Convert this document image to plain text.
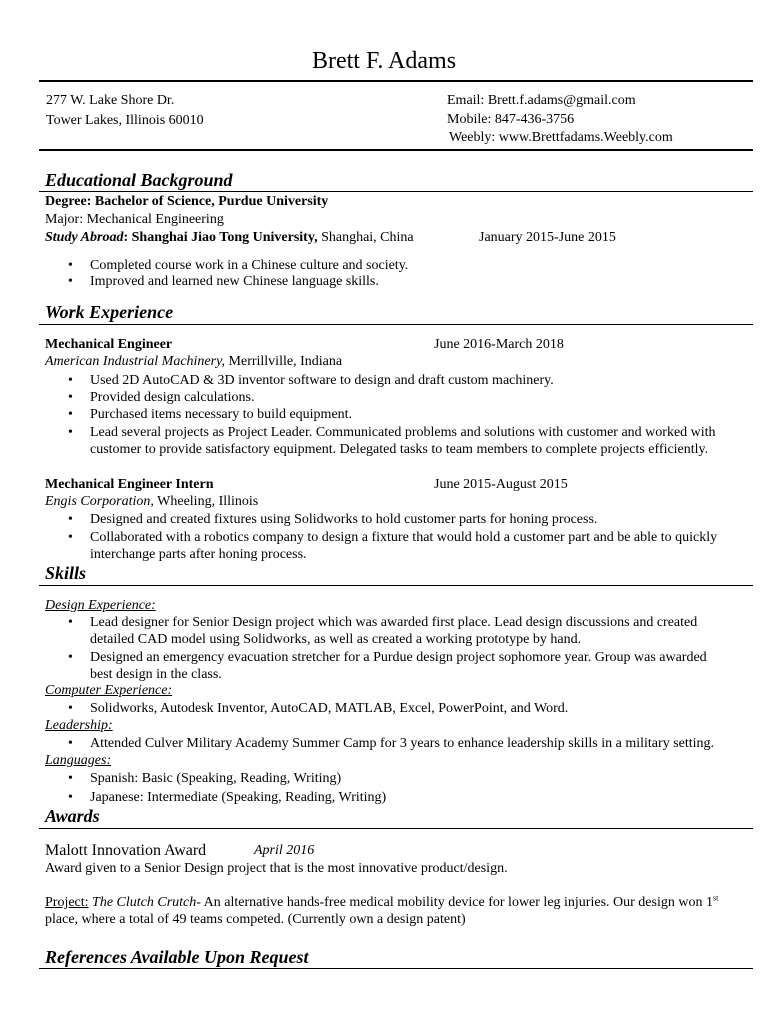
Brett F. Adams
277 W. Lake Shore Dr.
Tower Lakes, Illinois 60010
Email: Brett.f.adams@gmail.com
Mobile: 847-436-3756
Weebly: www.Brettfadams.Weebly.com
Educational Background
Degree: Bachelor of Science, Purdue University
Major: Mechanical Engineering
Study Abroad: Shanghai Jiao Tong University, Shanghai, China	January 2015-June 2015
• Completed course work in a Chinese culture and society.
• Improved and learned new Chinese language skills.
Work Experience
Mechanical Engineer	June 2016-March 2018
American Industrial Machinery, Merrillville, Indiana
• Used 2D AutoCAD & 3D inventor software to design and draft custom machinery.
• Provided design calculations.
• Purchased items necessary to build equipment.
• Lead several projects as Project Leader. Communicated problems and solutions with customer and worked with customer to provide satisfactory equipment. Delegated tasks to team members to complete projects efficiently.
Mechanical Engineer Intern	June 2015-August 2015
Engis Corporation, Wheeling, Illinois
• Designed and created fixtures using Solidworks to hold customer parts for honing process.
• Collaborated with a robotics company to design a fixture that would hold a customer part and be able to quickly interchange parts after honing process.
Skills
Design Experience:
• Lead designer for Senior Design project which was awarded first place. Lead design discussions and created detailed CAD model using Solidworks, as well as created a working prototype by hand.
• Designed an emergency evacuation stretcher for a Purdue design project sophomore year. Group was awarded best design in the class.
Computer Experience:
• Solidworks, Autodesk Inventor, AutoCAD, MATLAB, Excel, PowerPoint, and Word.
Leadership:
• Attended Culver Military Academy Summer Camp for 3 years to enhance leadership skills in a military setting.
Languages:
• Spanish: Basic (Speaking, Reading, Writing)
• Japanese: Intermediate (Speaking, Reading, Writing)
Awards
Malott Innovation Award	April 2016
Award given to a Senior Design project that is the most innovative product/design.
Project: The Clutch Crutch- An alternative hands-free medical mobility device for lower leg injuries. Our design won 1st
place, where a total of 49 teams competed. (Currently own a design patent)
References Available Upon Request
